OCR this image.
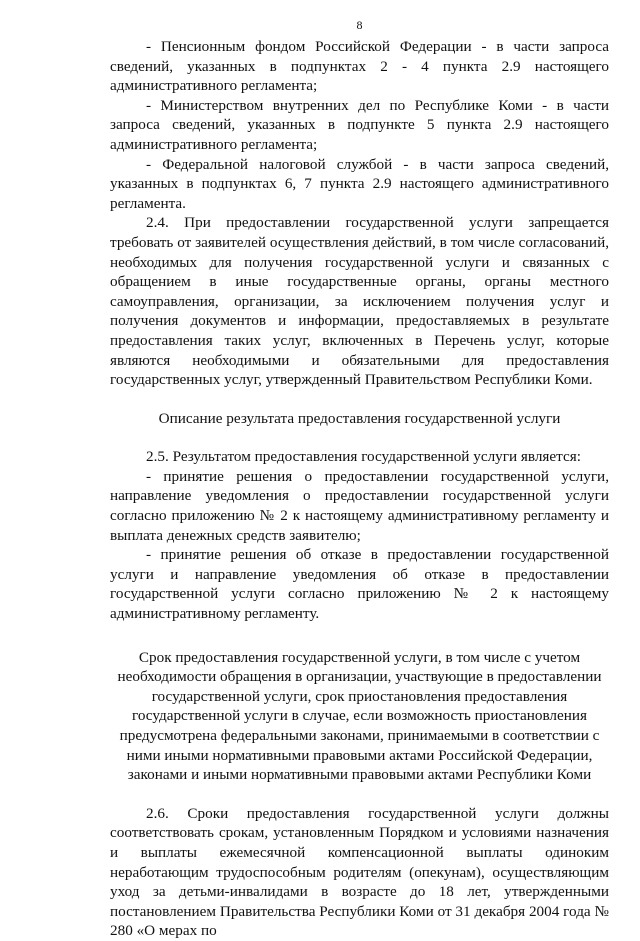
8

- Пенсионным фондом Российской Федерации - в части запроса сведений, указанных в подпунктах 2 - 4 пункта 2.9 настоящего административного регламента;

- Министерством внутренних дел по Республике Коми - в части запроса сведений, указанных в подпункте 5 пункта 2.9 настоящего административного регламента;

- Федеральной налоговой службой - в части запроса сведений, указанных в подпунктах 6, 7 пункта 2.9 настоящего административного регламента.

2.4. При предоставлении государственной услуги запрещается требовать от заявителей осуществления действий, в том числе согласований, необходимых для получения государственной услуги и связанных с обращением в иные государственные органы, органы местного самоуправления, организации, за исключением получения услуг и получения документов и информации, предоставляемых в результате предоставления таких услуг, включенных в Перечень услуг, которые являются необходимыми и обязательными для предоставления государственных услуг, утвержденный Правительством Республики Коми.

Описание результата предоставления государственной услуги

2.5. Результатом предоставления государственной услуги является:

- принятие решения о предоставлении государственной услуги, направление уведомления о предоставлении государственной услуги согласно приложению № 2 к настоящему административному регламенту и выплата денежных средств заявителю;

- принятие решения об отказе в предоставлении государственной услуги и направление уведомления об отказе в предоставлении государственной услуги согласно приложению № 2 к настоящему административному регламенту.

Срок предоставления государственной услуги, в том числе с учетом необходимости обращения в организации, участвующие в предоставлении государственной услуги, срок приостановления предоставления государственной услуги в случае, если возможность приостановления предусмотрена федеральными законами, принимаемыми в соответствии с ними иными нормативными правовыми актами Российской Федерации, законами и иными нормативными правовыми актами Республики Коми

2.6. Сроки предоставления государственной услуги должны соответствовать срокам, установленным Порядком и условиями назначения и выплаты ежемесячной компенсационной выплаты одиноким неработающим трудоспособным родителям (опекунам), осуществляющим уход за детьми-инвалидами в возрасте до 18 лет, утвержденными постановлением Правительства Республики Коми от 31 декабря 2004 года № 280 «О мерах по
